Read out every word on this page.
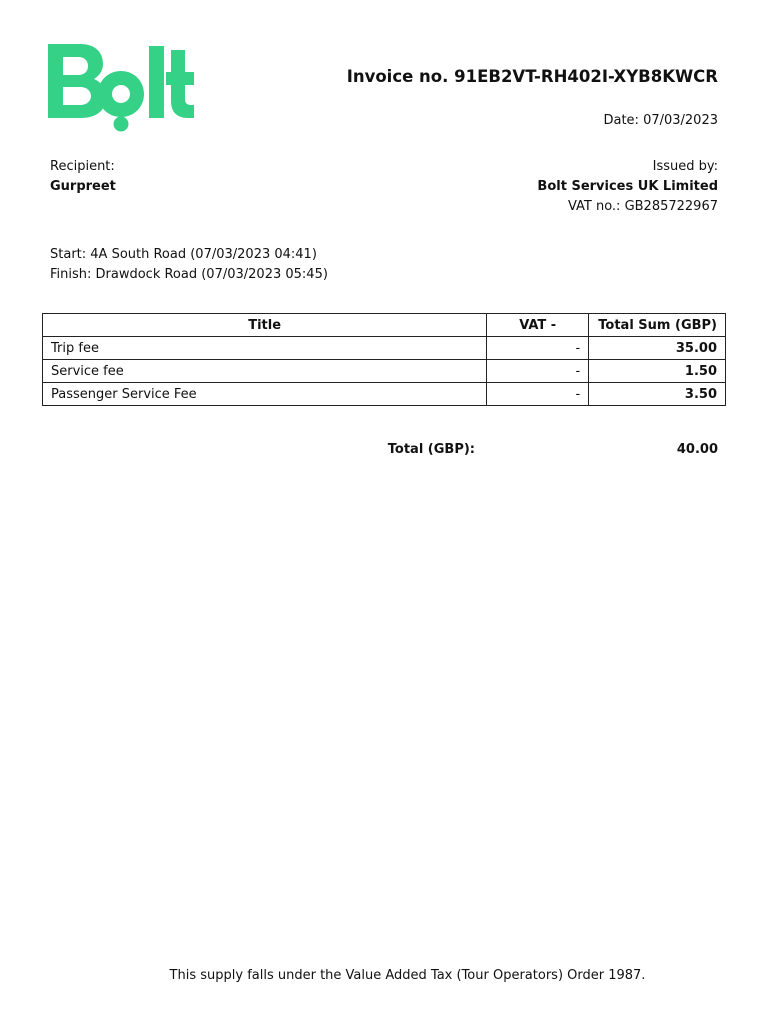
Invoice no. 91EB2VT-RH402I-XYB8KWCR
Date: 07/03/2023
Recipient:
Gurpreet
Issued by:
Bolt Services UK Limited
VAT no.: GB285722967
Start: 4A South Road (07/03/2023 04:41)
Finish: Drawdock Road (07/03/2023 05:45)
Title	VAT -	Total Sum (GBP)
Trip fee	-	35.00
Service fee	-	1.50
Passenger Service Fee	-	3.50
Total (GBP):	40.00
This supply falls under the Value Added Tax (Tour Operators) Order 1987.
